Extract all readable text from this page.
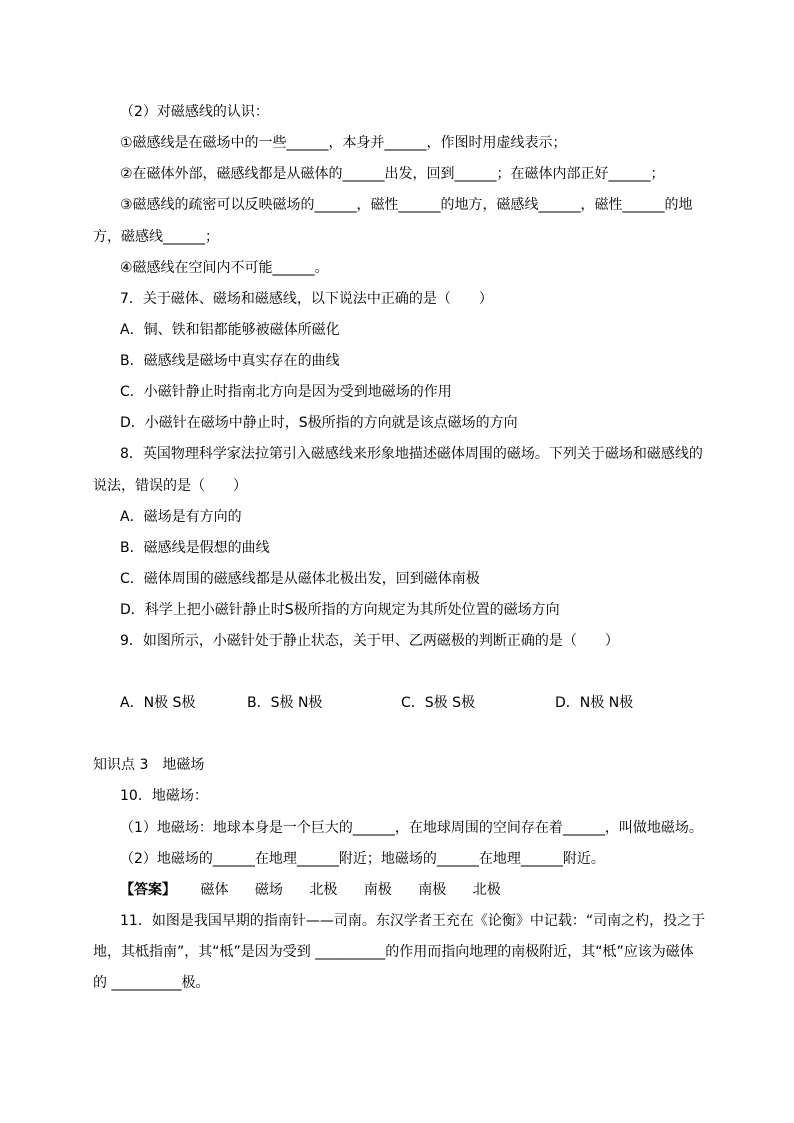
（2）对磁感线的认识：
①磁感线是在磁场中的一些______，本身并______，作图时用虚线表示；
②在磁体外部，磁感线都是从磁体的______出发，回到______；在磁体内部正好______；
③磁感线的疏密可以反映磁场的______，磁性______的地方，磁感线______，磁性______的地
方，磁感线______；
④磁感线在空间内不可能______。
7．关于磁体、磁场和磁感线，以下说法中正确的是（　　）
A．铜、铁和铝都能够被磁体所磁化
B．磁感线是磁场中真实存在的曲线
C．小磁针静止时指南北方向是因为受到地磁场的作用
D．小磁针在磁场中静止时，S极所指的方向就是该点磁场的方向
8．英国物理科学家法拉第引入磁感线来形象地描述磁体周围的磁场。下列关于磁场和磁感线的
说法，错误的是（　　）
A．磁场是有方向的
B．磁感线是假想的曲线
C．磁体周围的磁感线都是从磁体北极出发，回到磁体南极
D．科学上把小磁针静止时S极所指的方向规定为其所处位置的磁场方向
9．如图所示，小磁针处于静止状态，关于甲、乙两磁极的判断正确的是（　　）
A．N极 S极	B．S极 N极	C．S极 S极	D．N极 N极
知识点 3　地磁场
10．地磁场：
（1）地磁场：地球本身是一个巨大的______，在地球周围的空间存在着______，叫做地磁场。
（2）地磁场的______在地理______附近；地磁场的______在地理______附近。
【答案】 磁体 磁场 北极 南极 南极 北极
11．如图是我国早期的指南针——司南。东汉学者王充在《论衡》中记载：“司南之杓，投之于
地，其柢指南”，其“柢”是因为受到 __________的作用而指向地理的南极附近，其“柢”应该为磁体
的 __________极。
